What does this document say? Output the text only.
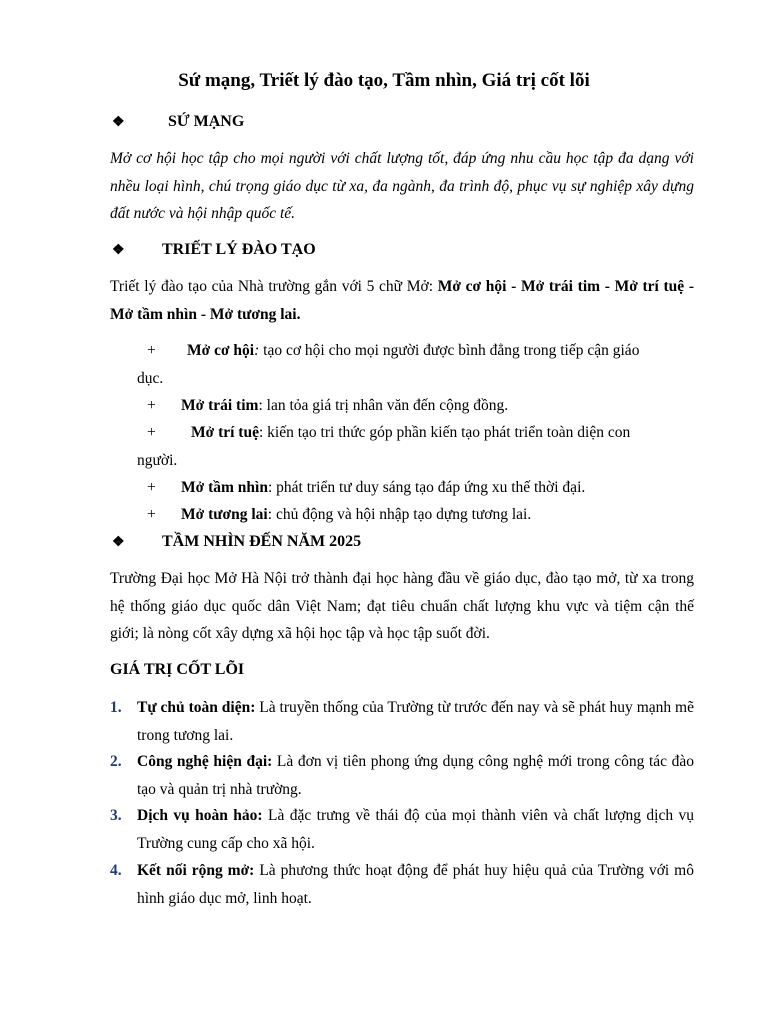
Sứ mạng, Triết lý đào tạo, Tầm nhìn, Giá trị cốt lõi
❖	SỨ MẠNG
Mở cơ hội học tập cho mọi người với chất lượng tốt, đáp ứng nhu cầu học tập đa dạng với nhều loại hình, chú trọng giáo dục từ xa, đa ngành, đa trình độ, phục vụ sự nghiệp xây dựng đất nước và hội nhập quốc tế.
❖ TRIẾT LÝ ĐÀO TẠO
Triết lý đào tạo của Nhà trường gắn với 5 chữ Mở: Mở cơ hội - Mở trái tim - Mở trí tuệ - Mở tầm nhìn - Mở tương lai.
+ Mở cơ hội: tạo cơ hội cho mọi người được bình đẳng trong tiếp cận giáo
dục.
+ Mở trái tim: lan tỏa giá trị nhân văn đến cộng đồng.
+ Mở trí tuệ: kiến tạo tri thức góp phần kiến tạo phát triển toàn diện con
người.
+ Mở tầm nhìn: phát triển tư duy sáng tạo đáp ứng xu thế thời đại.
+ Mở tương lai: chủ động và hội nhập tạo dựng tương lai.
❖ TẦM NHÌN ĐẾN NĂM 2025
Trường Đại học Mở Hà Nội trở thành đại học hàng đầu về giáo dục, đào tạo mở, từ xa trong hệ thống giáo dục quốc dân Việt Nam; đạt tiêu chuẩn chất lượng khu vực và tiệm cận thế giới; là nòng cốt xây dựng xã hội học tập và học tập suốt đời.
GIÁ TRỊ CỐT LÕI
1. Tự chủ toàn diện: Là truyền thống của Trường từ trước đến nay và sẽ phát huy mạnh mẽ trong tương lai.
2. Công nghệ hiện đại: Là đơn vị tiên phong ứng dụng công nghệ mới trong công tác đào tạo và quản trị nhà trường.
3. Dịch vụ hoàn hảo: Là đặc trưng về thái độ của mọi thành viên và chất lượng dịch vụ Trường cung cấp cho xã hội.
4. Kết nối rộng mở: Là phương thức hoạt động để phát huy hiệu quả của Trường với mô hình giáo dục mở, linh hoạt.
